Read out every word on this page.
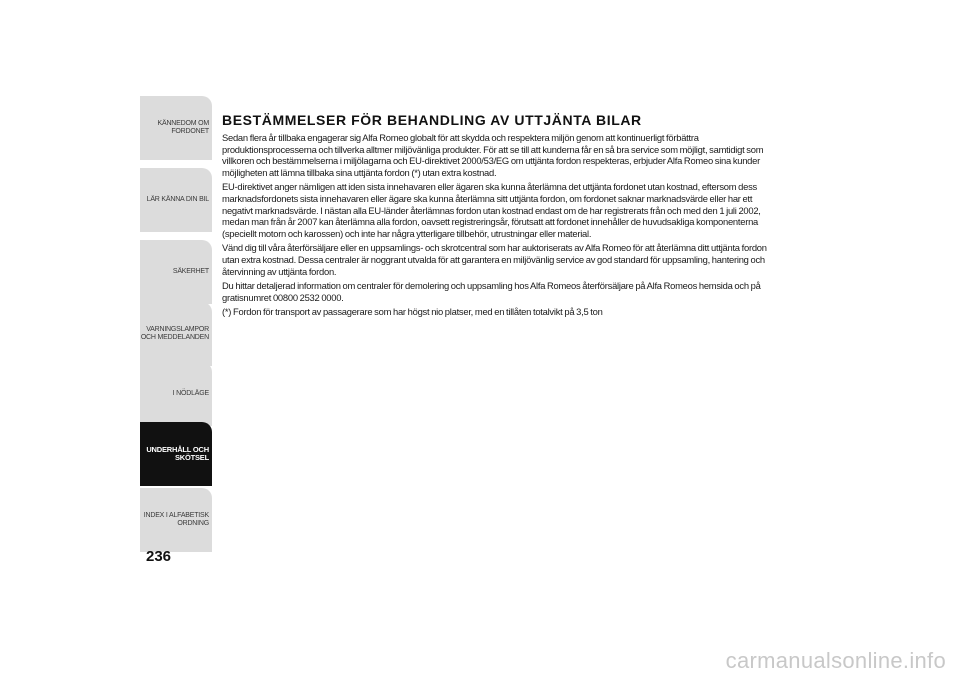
KÄNNEDOM OM
FORDONET
LÄR KÄNNA DIN BIL
SÄKERHET
VARNINGSLAMPOR
OCH MEDDELANDEN
I NÖDLÄGE
UNDERHÅLL OCH
SKÖTSEL
INDEX I ALFABETISK
ORDNING
236
BESTÄMMELSER FÖR BEHANDLING AV UTTJÄNTA BILAR

Sedan flera år tillbaka engagerar sig Alfa Romeo globalt för att skydda och respektera miljön genom att kontinuerligt förbättra produktionsprocesserna och tillverka alltmer miljövänliga produkter. För att se till att kunderna får en så bra service som möjligt, samtidigt som villkoren och bestämmelserna i miljölagarna och EU-direktivet 2000/53/EG om uttjänta fordon respekteras, erbjuder Alfa Romeo sina kunder möjligheten att lämna tillbaka sina uttjänta fordon (*) utan extra kostnad.

EU-direktivet anger nämligen att iden sista innehavaren eller ägaren ska kunna återlämna det uttjänta fordonet utan kostnad, eftersom dess marknadsfordonets sista innehavaren eller ägare ska kunna återlämna sitt uttjänta fordon, om fordonet saknar marknadsvärde eller har ett negativt marknadsvärde. I nästan alla EU-länder återlämnas fordon utan kostnad endast om de har registrerats från och med den 1 juli 2002, medan man från år 2007 kan återlämna alla fordon, oavsett registreringsår, förutsatt att fordonet innehåller de huvudsakliga komponenterna (speciellt motorn och karossen) och inte har några ytterligare tillbehör, utrustningar eller material.

Vänd dig till våra återförsäljare eller en uppsamlings- och skrotcentral som har auktoriserats av Alfa Romeo för att återlämna ditt uttjänta fordon utan extra kostnad. Dessa centraler är noggrant utvalda för att garantera en miljövänlig service av god standard för uppsamling, hantering och återvinning av uttjänta fordon.

Du hittar detaljerad information om centraler för demolering och uppsamling hos Alfa Romeos återförsäljare på Alfa Romeos hemsida och på gratisnumret 00800 2532 0000.

(*) Fordon för transport av passagerare som har högst nio platser, med en tillåten totalvikt på 3,5 ton

carmanualsonline.info
